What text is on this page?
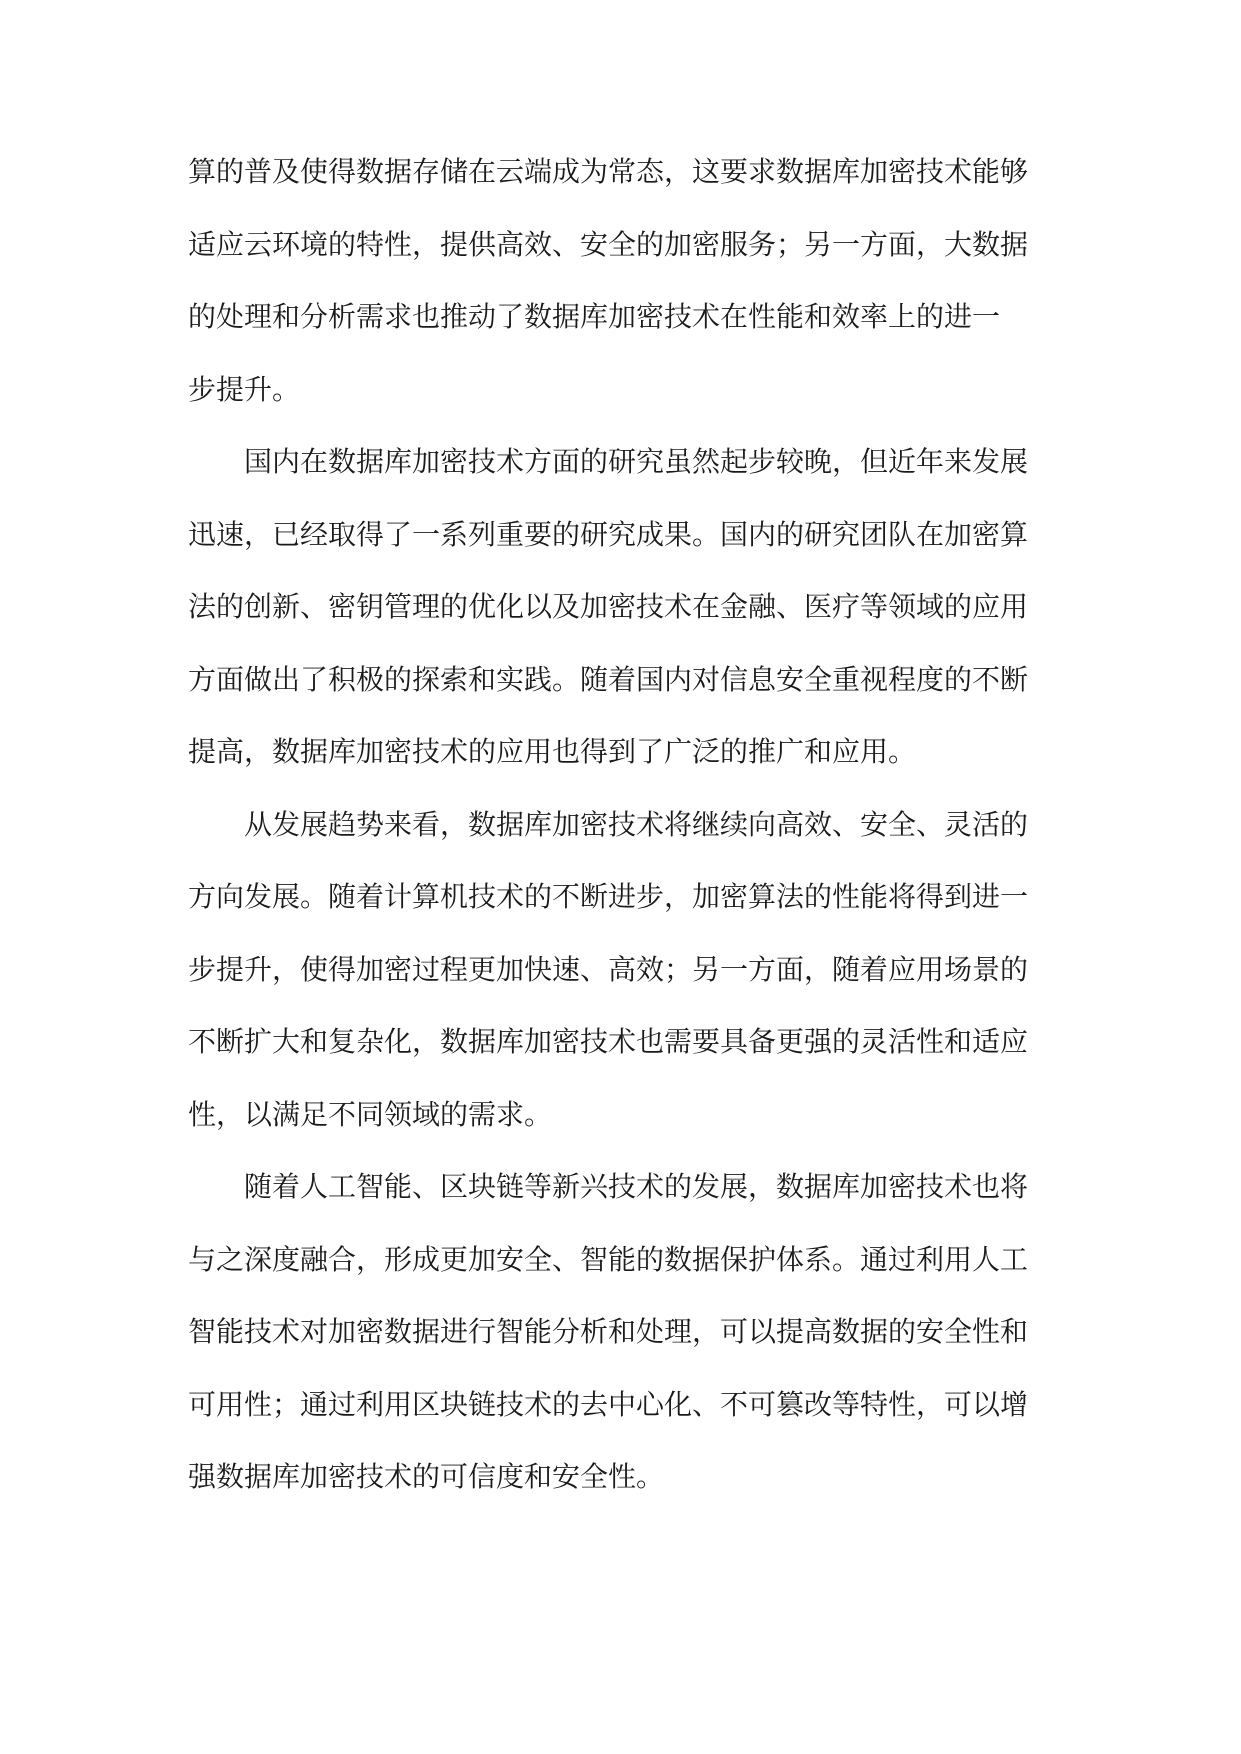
算的普及使得数据存储在云端成为常态，这要求数据库加密技术能够
适应云环境的特性，提供高效、安全的加密服务；另一方面，大数据
的处理和分析需求也推动了数据库加密技术在性能和效率上的进一
步提升。
国内在数据库加密技术方面的研究虽然起步较晚，但近年来发展
迅速，已经取得了一系列重要的研究成果。国内的研究团队在加密算
法的创新、密钥管理的优化以及加密技术在金融、医疗等领域的应用
方面做出了积极的探索和实践。随着国内对信息安全重视程度的不断
提高，数据库加密技术的应用也得到了广泛的推广和应用。
从发展趋势来看，数据库加密技术将继续向高效、安全、灵活的
方向发展。随着计算机技术的不断进步，加密算法的性能将得到进一
步提升，使得加密过程更加快速、高效；另一方面，随着应用场景的
不断扩大和复杂化，数据库加密技术也需要具备更强的灵活性和适应
性，以满足不同领域的需求。
随着人工智能、区块链等新兴技术的发展，数据库加密技术也将
与之深度融合，形成更加安全、智能的数据保护体系。通过利用人工
智能技术对加密数据进行智能分析和处理，可以提高数据的安全性和
可用性；通过利用区块链技术的去中心化、不可篡改等特性，可以增
强数据库加密技术的可信度和安全性。
